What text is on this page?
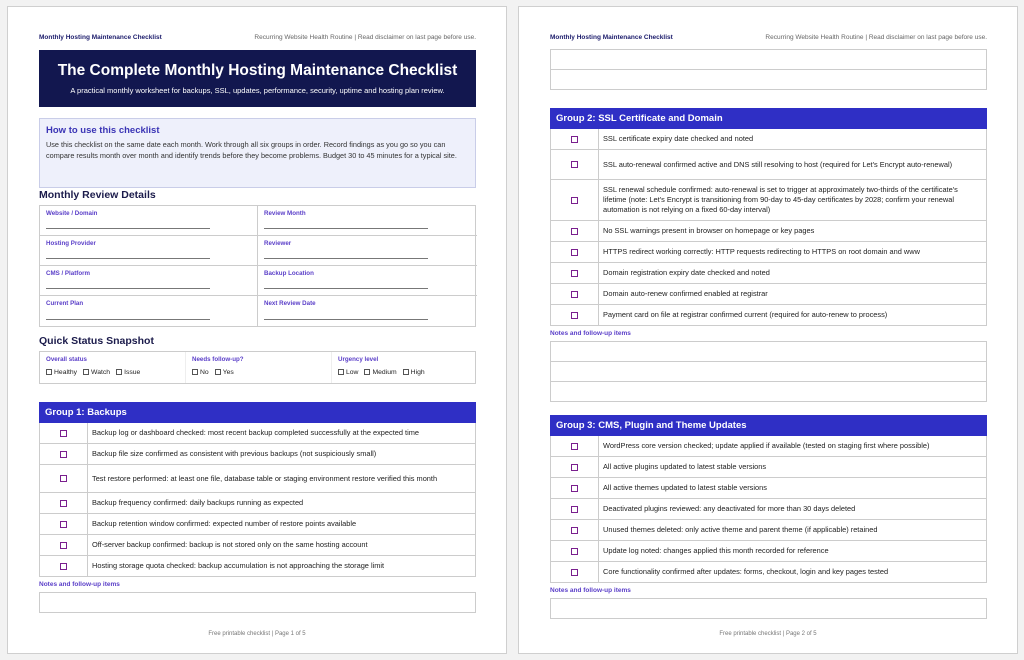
Monthly Hosting Maintenance Checklist	Recurring Website Health Routine | Read disclaimer on last page before use.
The Complete Monthly Hosting Maintenance Checklist
A practical monthly worksheet for backups, SSL, updates, performance, security, uptime and hosting plan review.
How to use this checklist
Use this checklist on the same date each month. Work through all six groups in order. Record findings as you go so you can compare results month over month and identify trends before they become problems. Budget 30 to 45 minutes for a typical site.
Monthly Review Details
Website / Domain	Review Month
Hosting Provider	Reviewer
CMS / Platform	Backup Location
Current Plan	Next Review Date
Quick Status Snapshot
Overall status
Healthy	Watch	Issue
Needs follow-up?
No	Yes
Urgency level
Low	Medium	High
Group 1: Backups
Backup log or dashboard checked: most recent backup completed successfully at the expected time
Backup file size confirmed as consistent with previous backups (not suspiciously small)
Test restore performed: at least one file, database table or staging environment restore verified this month
Backup frequency confirmed: daily backups running as expected
Backup retention window confirmed: expected number of restore points available
Off-server backup confirmed: backup is not stored only on the same hosting account
Hosting storage quota checked: backup accumulation is not approaching the storage limit
Notes and follow-up items
Free printable checklist | Page 1 of 5
Monthly Hosting Maintenance Checklist	Recurring Website Health Routine | Read disclaimer on last page before use.
Group 2: SSL Certificate and Domain
SSL certificate expiry date checked and noted
SSL auto-renewal confirmed active and DNS still resolving to host (required for Let's Encrypt auto-renewal)
SSL renewal schedule confirmed: auto-renewal is set to trigger at approximately two-thirds of the certificate's lifetime (note: Let's Encrypt is transitioning from 90-day to 45-day certificates by 2028; confirm your renewal automation is not relying on a fixed 60-day interval)
No SSL warnings present in browser on homepage or key pages
HTTPS redirect working correctly: HTTP requests redirecting to HTTPS on root domain and www
Domain registration expiry date checked and noted
Domain auto-renew confirmed enabled at registrar
Payment card on file at registrar confirmed current (required for auto-renew to process)
Notes and follow-up items
Group 3: CMS, Plugin and Theme Updates
WordPress core version checked; update applied if available (tested on staging first where possible)
All active plugins updated to latest stable versions
All active themes updated to latest stable versions
Deactivated plugins reviewed: any deactivated for more than 30 days deleted
Unused themes deleted: only active theme and parent theme (if applicable) retained
Update log noted: changes applied this month recorded for reference
Core functionality confirmed after updates: forms, checkout, login and key pages tested
Notes and follow-up items
Free printable checklist | Page 2 of 5
